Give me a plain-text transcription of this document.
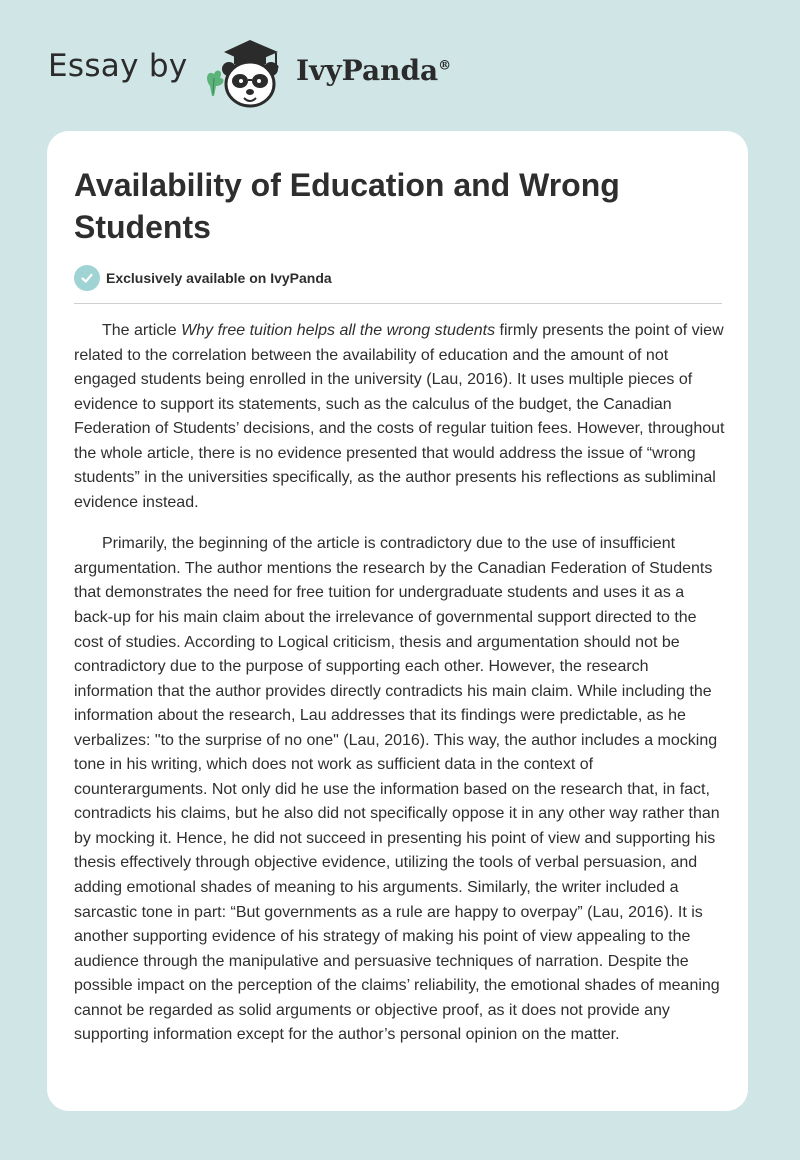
Essay by	IvyPanda®
Availability of Education and Wrong Students
Exclusively available on IvyPanda

The article Why free tuition helps all the wrong students firmly presents the point of view related to the correlation between the availability of education and the amount of not engaged students being enrolled in the university (Lau, 2016). It uses multiple pieces of evidence to support its statements, such as the calculus of the budget, the Canadian Federation of Students’ decisions, and the costs of regular tuition fees. However, throughout the whole article, there is no evidence presented that would address the issue of “wrong students” in the universities specifically, as the author presents his reflections as subliminal evidence instead.

Primarily, the beginning of the article is contradictory due to the use of insufficient argumentation. The author mentions the research by the Canadian Federation of Students that demonstrates the need for free tuition for undergraduate students and uses it as a back-up for his main claim about the irrelevance of governmental support directed to the cost of studies. According to Logical criticism, thesis and argumentation should not be contradictory due to the purpose of supporting each other. However, the research information that the author provides directly contradicts his main claim. While including the information about the research, Lau addresses that its findings were predictable, as he verbalizes: "to the surprise of no one" (Lau, 2016). This way, the author includes a mocking tone in his writing, which does not work as sufficient data in the context of counterarguments. Not only did he use the information based on the research that, in fact, contradicts his claims, but he also did not specifically oppose it in any other way rather than by mocking it. Hence, he did not succeed in presenting his point of view and supporting his thesis effectively through objective evidence, utilizing the tools of verbal persuasion, and adding emotional shades of meaning to his arguments. Similarly, the writer included a sarcastic tone in part: “But governments as a rule are happy to overpay” (Lau, 2016). It is another supporting evidence of his strategy of making his point of view appealing to the audience through the manipulative and persuasive techniques of narration. Despite the possible impact on the perception of the claims’ reliability, the emotional shades of meaning cannot be regarded as solid arguments or objective proof, as it does not provide any supporting information except for the author’s personal opinion on the matter.
